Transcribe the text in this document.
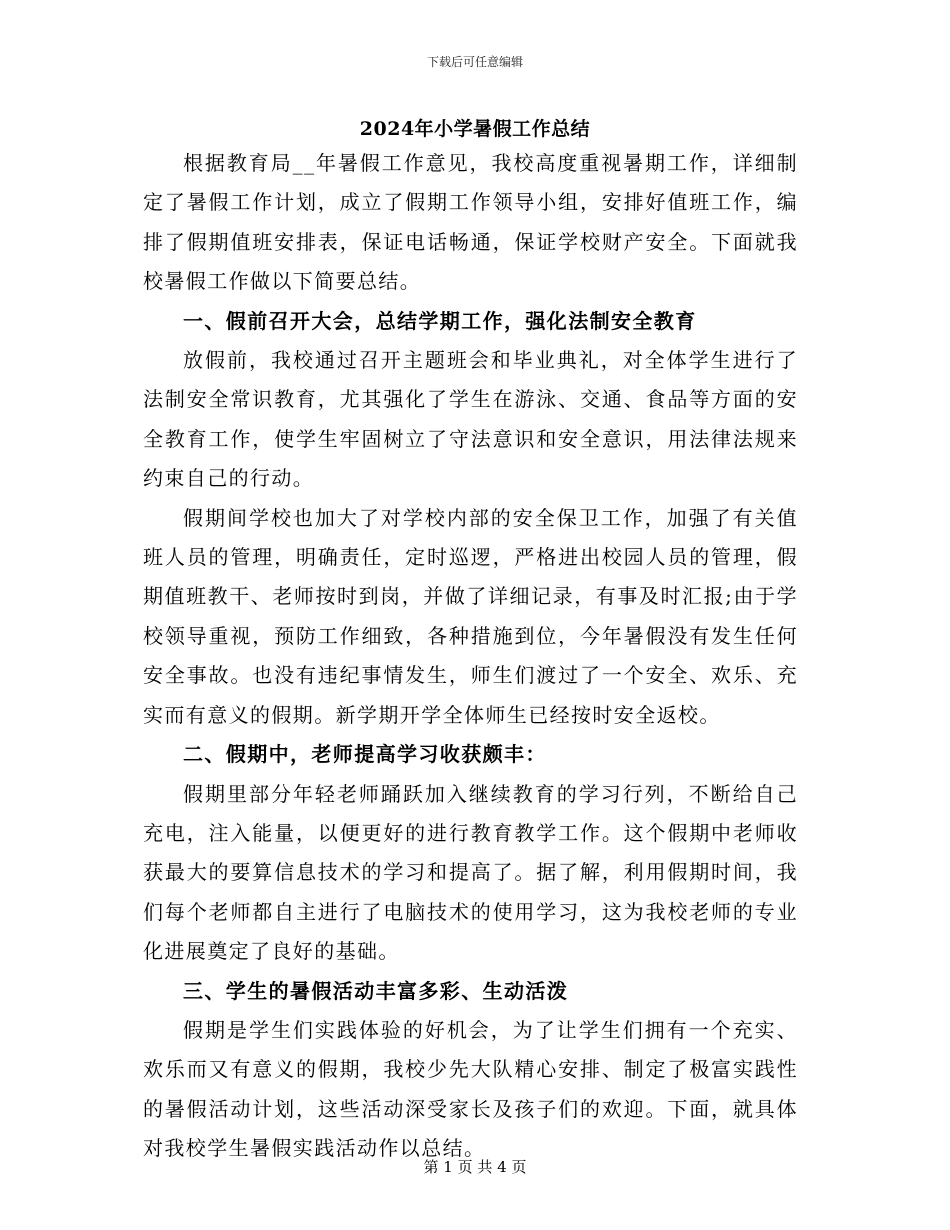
下载后可任意编辑
2024年小学暑假工作总结

根据教育局__年暑假工作意见，我校高度重视暑期工作，详细制定了暑假工作计划，成立了假期工作领导小组，安排好值班工作，编排了假期值班安排表，保证电话畅通，保证学校财产安全。下面就我校暑假工作做以下简要总结。

一、假前召开大会，总结学期工作，强化法制安全教育

放假前，我校通过召开主题班会和毕业典礼，对全体学生进行了法制安全常识教育，尤其强化了学生在游泳、交通、食品等方面的安全教育工作，使学生牢固树立了守法意识和安全意识，用法律法规来约束自己的行动。

假期间学校也加大了对学校内部的安全保卫工作，加强了有关值班人员的管理，明确责任，定时巡逻，严格进出校园人员的管理，假期值班教干、老师按时到岗，并做了详细记录，有事及时汇报;由于学校领导重视，预防工作细致，各种措施到位，今年暑假没有发生任何安全事故。也没有违纪事情发生，师生们渡过了一个安全、欢乐、充实而有意义的假期。新学期开学全体师生已经按时安全返校。

二、假期中，老师提高学习收获颇丰：

假期里部分年轻老师踊跃加入继续教育的学习行列，不断给自己充电，注入能量，以便更好的进行教育教学工作。这个假期中老师收获最大的要算信息技术的学习和提高了。据了解，利用假期时间，我们每个老师都自主进行了电脑技术的使用学习，这为我校老师的专业化进展奠定了良好的基础。

三、学生的暑假活动丰富多彩、生动活泼

假期是学生们实践体验的好机会，为了让学生们拥有一个充实、欢乐而又有意义的假期，我校少先大队精心安排、制定了极富实践性的暑假活动计划，这些活动深受家长及孩子们的欢迎。下面，就具体对我校学生暑假实践活动作以总结。

第 1 页 共 4 页
